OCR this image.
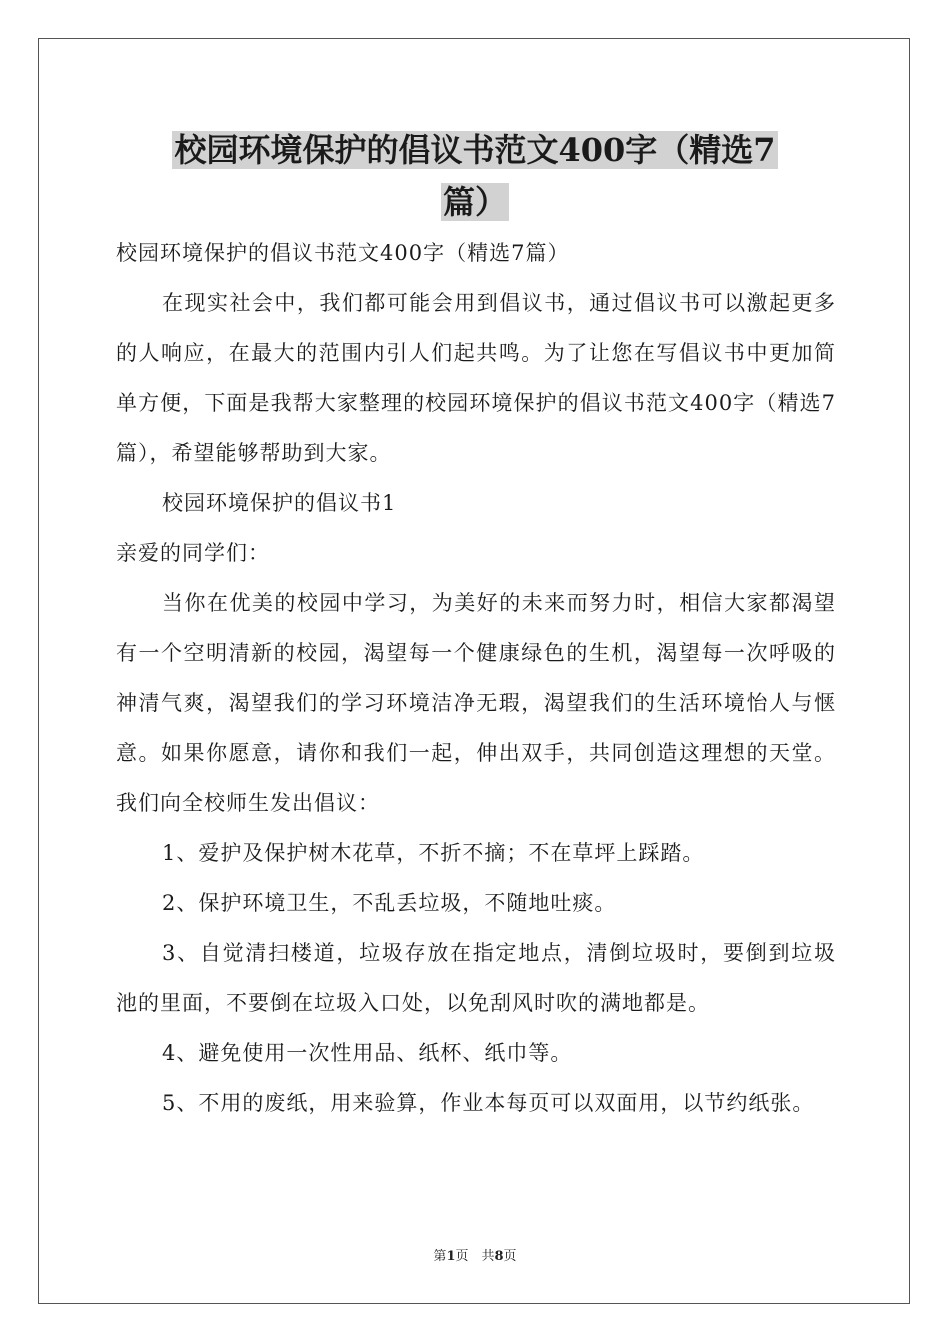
校园环境保护的倡议书范文400字（精选7
篇）

校园环境保护的倡议书范文400字（精选7篇）

在现实社会中，我们都可能会用到倡议书，通过倡议书可以激起更多的人响应，在最大的范围内引人们起共鸣。为了让您在写倡议书中更加简单方便，下面是我帮大家整理的校园环境保护的倡议书范文400字（精选7篇），希望能够帮助到大家。

校园环境保护的倡议书1

亲爱的同学们：

当你在优美的校园中学习，为美好的未来而努力时，相信大家都渴望有一个空明清新的校园，渴望每一个健康绿色的生机，渴望每一次呼吸的神清气爽，渴望我们的学习环境洁净无瑕，渴望我们的生活环境怡人与惬意。如果你愿意，请你和我们一起，伸出双手，共同创造这理想的天堂。我们向全校师生发出倡议：

1、爱护及保护树木花草，不折不摘；不在草坪上踩踏。

2、保护环境卫生，不乱丢垃圾，不随地吐痰。

3、自觉清扫楼道，垃圾存放在指定地点，清倒垃圾时，要倒到垃圾池的里面，不要倒在垃圾入口处，以免刮风时吹的满地都是。

4、避免使用一次性用品、纸杯、纸巾等。

5、不用的废纸，用来验算，作业本每页可以双面用，以节约纸张。

第1页　共8页
